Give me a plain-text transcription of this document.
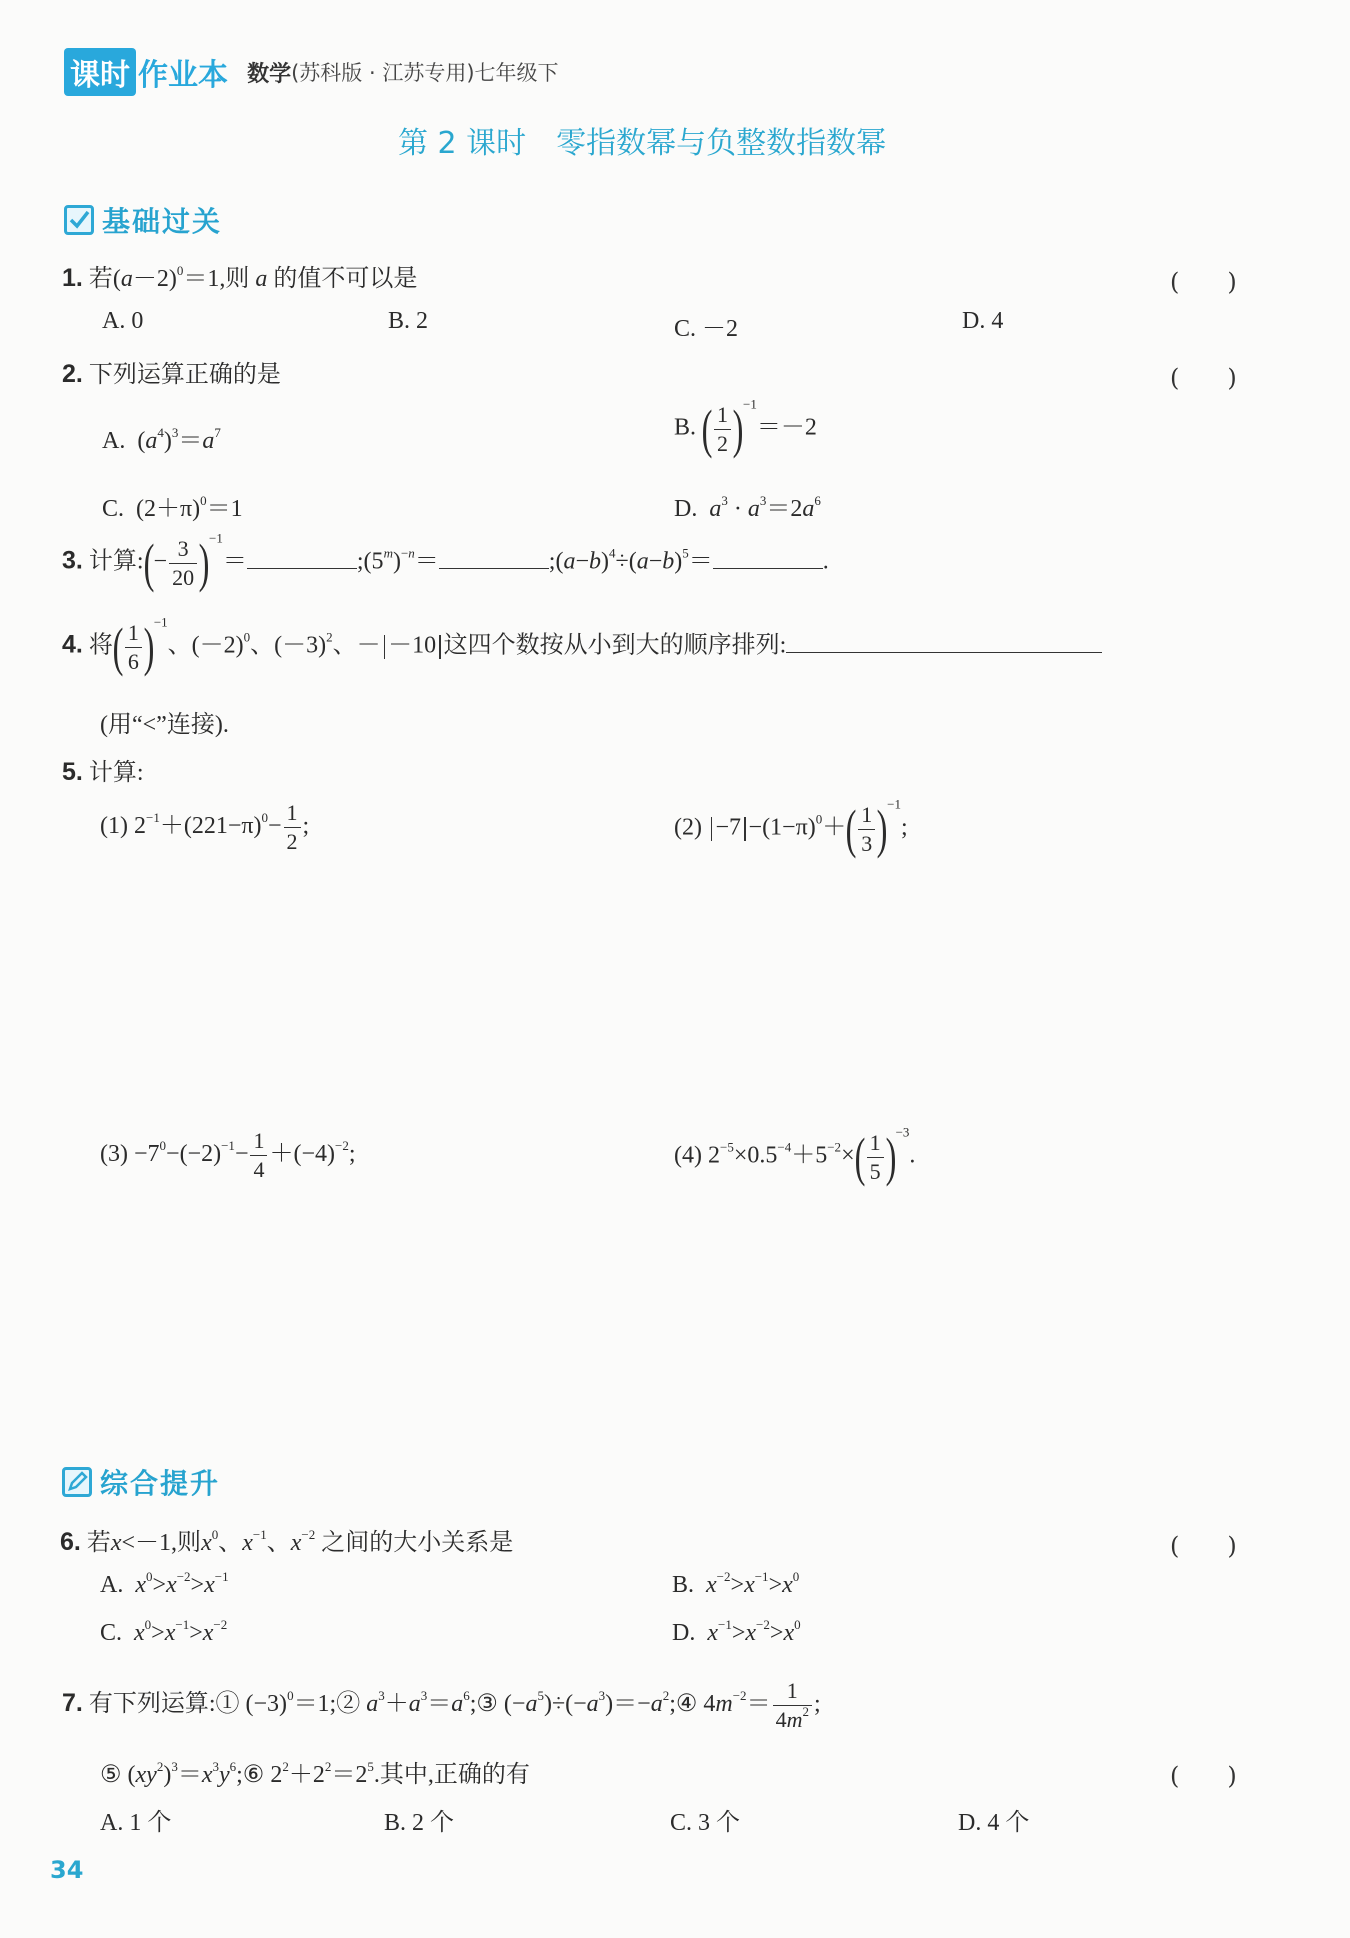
课时 作业本 数学(苏科版 · 江苏专用)七年级下
第 2 课时　零指数幂与负整数指数幂
基础过关
1. 若$(a-2)^0=1$,则 a 的值不可以是	(　　)
A. 0	B. 2	C. －2	D. 4
2. 下列运算正确的是	(　　)
A.  $(a^4)^3=a^7$	B. ( $\frac{1}{2} )^{-1}=-2$
C. $(2+\pi)^0=1$	D. $a^3 \cdot a^3=2a^6$
3. 计算:(− $\frac{3}{20} )^{-1}=$	$;(5^m)^{-n}=$	$;(a-b)^4\div(a-b)^5=$	.
4. 将( $\frac{1}{6} )^{-1}$、$(-2)^0$、$(-3)^2$、－ －10 这四个数按从小到大的顺序排列:
(用“<”连接).
5. 计算:
(1) $2^{-1}+(221-\pi)^0- \frac{1}{2}$ ;	$(2) -7 -(1-\pi)^0+( \frac{1}{3} )^{-1}$;
$(3) -7^0-(-2)^{-1}- \frac{1}{4} +(-4)^{-2}$;	(4) $2^{-5}\times 0.5^{-4}+5^{-2}\times( \frac{1}{5} )^{-3}$.
综合提升
6. 若x<－1,则$x^0$、$x^{-1}$、$x^{-2}$ 之间的大小关系是	(　　)
A.  $x^0>x^{-2}>x^{-1}$	B.  $x^{-2}>x^{-1}>x^0$
C.  $x^0>x^{-1}>x^{-2}$	D.  $x^{-1}>x^{-2}>x^0$
7. 有下列运算:① $(-3)^0=1;②$ $a^3+a^3=a^6;③$ $(-a^5)\div(-a^3)=-a^2;④$ $4m^{-2}= \frac{1}{4m^2}$ ;
⑤ $(xy^2)^3=x^3y^6;⑥$ $2^2+2^2=2^5$.其中,正确的有	(　　)
A. 1 个	B. 2 个	C. 3 个	D. 4 个
34
